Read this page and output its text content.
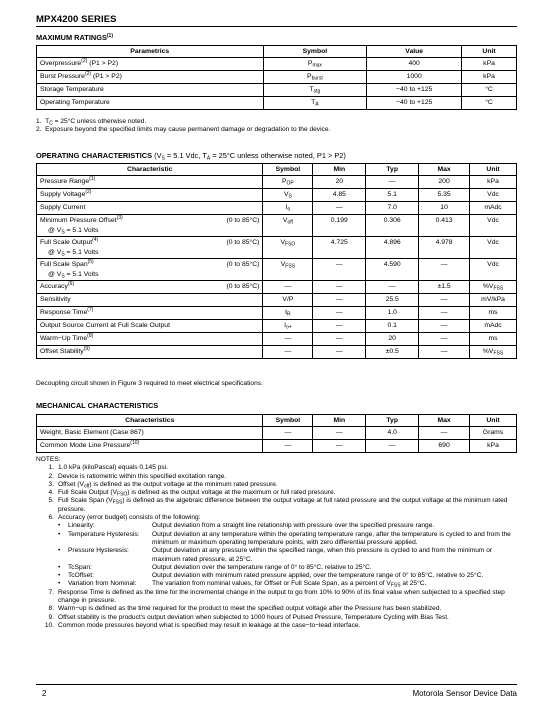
MPX4200 SERIES
MAXIMUM RATINGS$^{(1)}$
Parametrics	Symbol	Value	Unit
Overpressure$^{(2)}$ (P1 > P2)	$P_{max}$	400	kPa
Burst Pressure$^{(2)}$ (P1 > P2)	$P_{burst}$	1000	kPa
Storage Temperature	$T_{stg}$	−40 to +125	°C
Operating Temperature	$T_A$	−40 to +125	°C
1. $T_C = 25^\circ C$ unless otherwise noted.
2. Exposure beyond the specified limits may cause permanent damage or degradation to the device.
OPERATING CHARACTERISTICS ($V_S = 5.1$ Vdc, $T_A = 25^\circ C$ unless otherwise noted, P1 > P2)
Characteristic	Symbol	Min	Typ	Max	Unit

Pressure Range$^{(1)}$	$P_{OP}$	20	—	200	kPa

Supply Voltage$^{(2)}$	$V_S$	4.85	5.1	5.35	Vdc

Supply Current	$I_o$	—	7.0	10	mAdc

Minimum Pressure Offset$^{(3)}$ (0 to 85°C)
@ $V_S = 5.1$ Volts	$V_{off}$	0.199	0.306	0.413	Vdc

Full Scale Output$^{(4)}$ (0 to 85°C)
@ $V_S = 5.1$ Volts	$V_{FSO}$	4.725	4.896	4.978	Vdc

Full Scale Span$^{(5)}$ (0 to 85°C)
@ $V_S = 5.1$ Volts	$V_{FSS}$	—	4.590	—	Vdc

Accuracy$^{(6)}$ (0 to 85°C)	—	—	—	±1.5	$\%V_{FSS}$

Sensitivity	V/P	—	25.5	—	mV/kPa

Response Time$^{(7)}$	$t_R$	—	1.0	—	ms

Output Source Current at Full Scale Output	$I_{o+}$	—	0.1	—	mAdc

Warm−Up Time$^{(8)}$	—	—	20	—	ms

Offset Stability$^{(9)}$	—	—	±0.5	—	$\%V_{FSS}$
Decoupling circuit shown in Figure 3 required to meet electrical specifications.
MECHANICAL CHARACTERISTICS
Characteristics	Symbol	Min	Typ	Max	Unit
Weight, Basic Element (Case 867)	—	—	4.0	—	Grams
Common Mode Line Pressure$^{(10)}$	—	—	—	690	kPa
NOTES:
1. 1.0 kPa (kiloPascal) equals 0.145 psi.
2. Device is ratiometric within this specified excitation range.
3. Offset $(V_{off})$ is defined as the output voltage at the minimum rated pressure.
4. Full Scale Output $(V_{FSO})$ is defined as the output voltage at the maximum or full rated pressure.
5. Full Scale Span $(V_{FSS})$ is defined as the algebraic difference between the output voltage at full rated pressure and the output voltage at the minimum rated pressure.
6. Accuracy (error budget) consists of the following:
•	Linearity:	Output deviation from a straight line relationship with pressure over the specified pressure range.
•	Temperature Hysteresis:	Output deviation at any temperature within the operating temperature range, after the temperature is cycled to and from the minimum or maximum operating temperature points, with zero differential pressure applied.
•	Pressure Hysteresis:	Output deviation at any pressure within the specified range, when this pressure is cycled to and from the minimum or maximum rated pressure, at 25°C.
•	TcSpan:	Output deviation over the temperature range of 0° to 85°C, relative to 25°C.
•	TcOffset:	Output deviation with minimum rated pressure applied, over the temperature range of 0° to 85°C, relative to 25°C.
•	Variation from Nominal:	The variation from nominal values, for Offset or Full Scale Span, as a percent of $V_{FSS}$ at 25°C.
7. Response Time is defined as the time for the incremental change in the output to go from 10% to 90% of its final value when subjected to a specified step change in pressure.
8. Warm−up is defined as the time required for the product to meet the specified output voltage after the Pressure has been stabilized.
9. Offset stability is the product's output deviation when subjected to 1000 hours of Pulsed Pressure, Temperature Cycling with Bias Test.
10. Common mode pressures beyond what is specified may result in leakage at the case−to−lead interface.
2	Motorola Sensor Device Data
